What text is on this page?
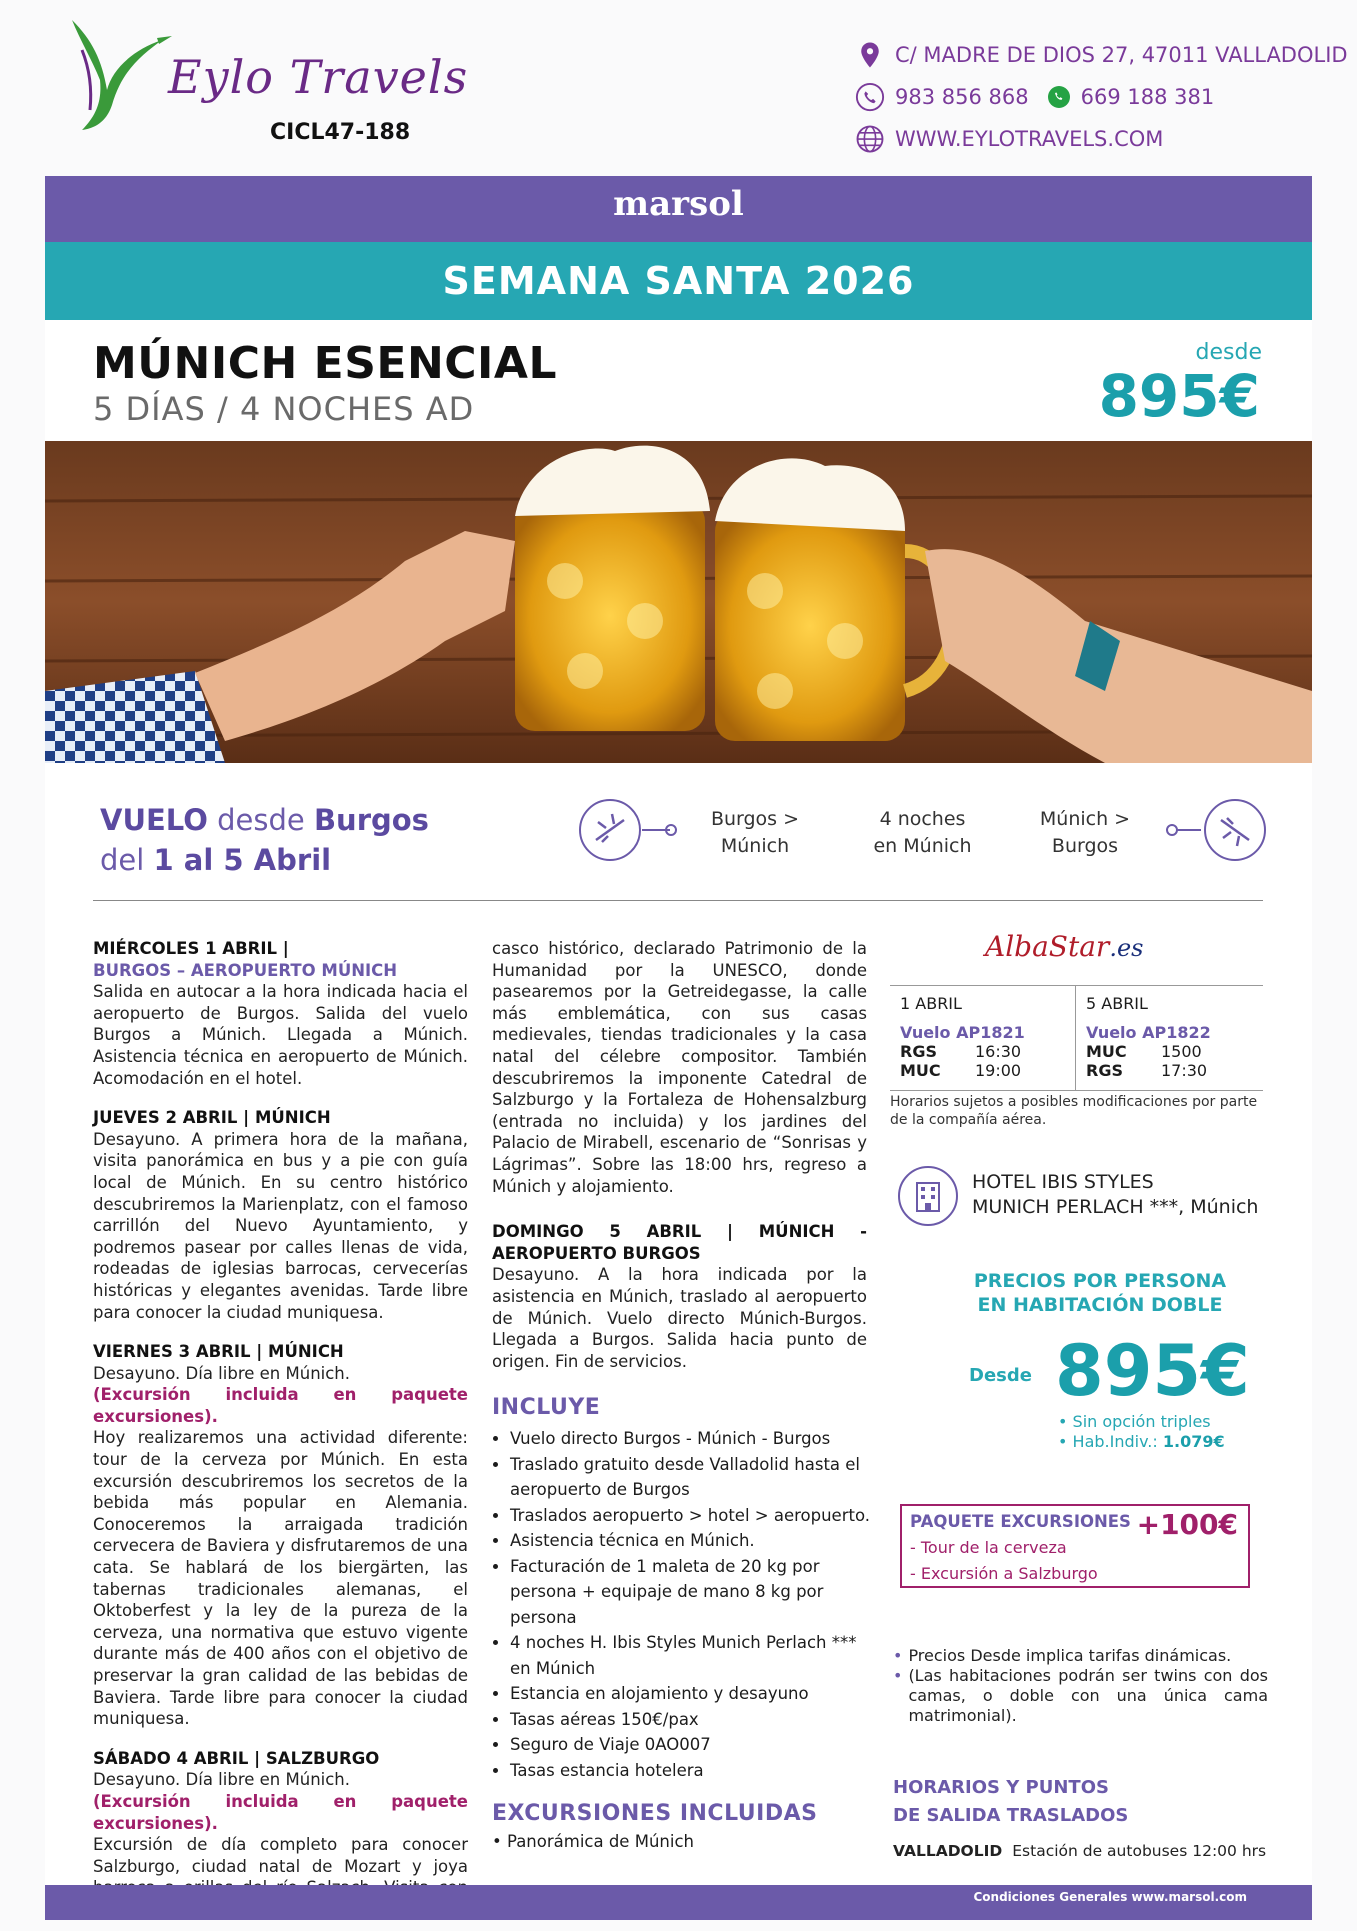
Eylo Travels
CICL47-188
C/ MADRE DE DIOS 27, 47011 VALLADOLID
983 856 868 669 188 381
WWW.EYLOTRAVELS.COM
marsol
SEMANA SANTA 2026
MÚNICH ESENCIAL
5 DÍAS / 4 NOCHES AD
desde
895€
VUELO desde Burgos
del 1 al 5 Abril
Burgos >
Múnich
4 noches
en Múnich
Múnich >
Burgos

MIÉRCOLES 1 ABRIL |
BURGOS – AEROPUERTO MÚNICH
Salida en autocar a la hora indicada hacia el aeropuerto de Burgos. Salida del vuelo Burgos a Múnich. Llegada a Múnich. Asistencia técnica en aeropuerto de Múnich. Acomodación en el hotel.

JUEVES 2 ABRIL | MÚNICH
Desayuno. A primera hora de la mañana, visita panorámica en bus y a pie con guía local de Múnich. En su centro histórico descubriremos la Marienplatz, con el famoso carrillón del Nuevo Ayuntamiento, y podremos pasear por calles llenas de vida, rodeadas de iglesias barrocas, cervecerías históricas y elegantes avenidas. Tarde libre para conocer la ciudad muniquesa.

VIERNES 3 ABRIL | MÚNICH
Desayuno. Día libre en Múnich.
(Excursión incluida en paquete excursiones).
Hoy realizaremos una actividad diferente: tour de la cerveza por Múnich. En esta excursión descubriremos los secretos de la bebida más popular en Alemania. Conoceremos la arraigada tradición cervecera de Baviera y disfrutaremos de una cata. Se hablará de los biergärten, las tabernas tradicionales alemanas, el Oktoberfest y la ley de la pureza de la cerveza, una normativa que estuvo vigente durante más de 400 años con el objetivo de preservar la gran calidad de las bebidas de Baviera. Tarde libre para conocer la ciudad muniquesa.

SÁBADO 4 ABRIL | SALZBURGO
Desayuno. Día libre en Múnich.
(Excursión incluida en paquete excursiones).
Excursión de día completo para conocer Salzburgo, ciudad natal de Mozart y joya

casco histórico, declarado Patrimonio de la Humanidad por la UNESCO, donde pasearemos por la Getreidegasse, la calle más emblemática, con sus casas medievales, tiendas tradicionales y la casa natal del célebre compositor. También descubriremos la imponente Catedral de Salzburgo y la Fortaleza de Hohensalzburg (entrada no incluida) y los jardines del Palacio de Mirabell, escenario de “Sonrisas y Lágrimas”. Sobre las 18:00 hrs, regreso a Múnich y alojamiento.

DOMINGO 5 ABRIL | MÚNICH - AEROPUERTO BURGOS
Desayuno. A la hora indicada por la asistencia en Múnich, traslado al aeropuerto de Múnich. Vuelo directo Múnich-Burgos. Llegada a Burgos. Salida hacia punto de origen. Fin de servicios.

INCLUYE
• Vuelo directo Burgos - Múnich - Burgos
• Traslado gratuito desde Valladolid hasta el aeropuerto de Burgos
• Traslados aeropuerto > hotel > aeropuerto.
• Asistencia técnica en Múnich.
• Facturación de 1 maleta de 20 kg por persona + equipaje de mano 8 kg por persona
• 4 noches H. Ibis Styles Munich Perlach *** en Múnich
• Estancia en alojamiento y desayuno
• Tasas aéreas 150€/pax
• Seguro de Viaje 0AO007
• Tasas estancia hotelera
EXCURSIONES INCLUIDAS
• Panorámica de Múnich
AlbaStar.es
1 ABRIL
Vuelo AP1821
RGS	16:30
MUC	19:00
5 ABRIL
Vuelo AP1822
MUC	1500
RGS	17:30
Horarios sujetos a posibles modificaciones por parte de la compañía aérea.
HOTEL IBIS STYLES
MUNICH PERLACH ***, Múnich
PRECIOS POR PERSONA
EN HABITACIÓN DOBLE
Desde 895€
• Sin opción triples
• Hab.Indiv.: 1.079€
PAQUETE EXCURSIONES +100€
- Tour de la cerveza
- Excursión a Salzburgo
• Precios Desde implica tarifas dinámicas.
• (Las habitaciones podrán ser twins con dos camas, o doble con una única cama matrimonial).
HORARIOS Y PUNTOS
DE SALIDA TRASLADOS
VALLADOLID Estación de autobuses 12:00 hrs
Condiciones Generales www.marsol.com
